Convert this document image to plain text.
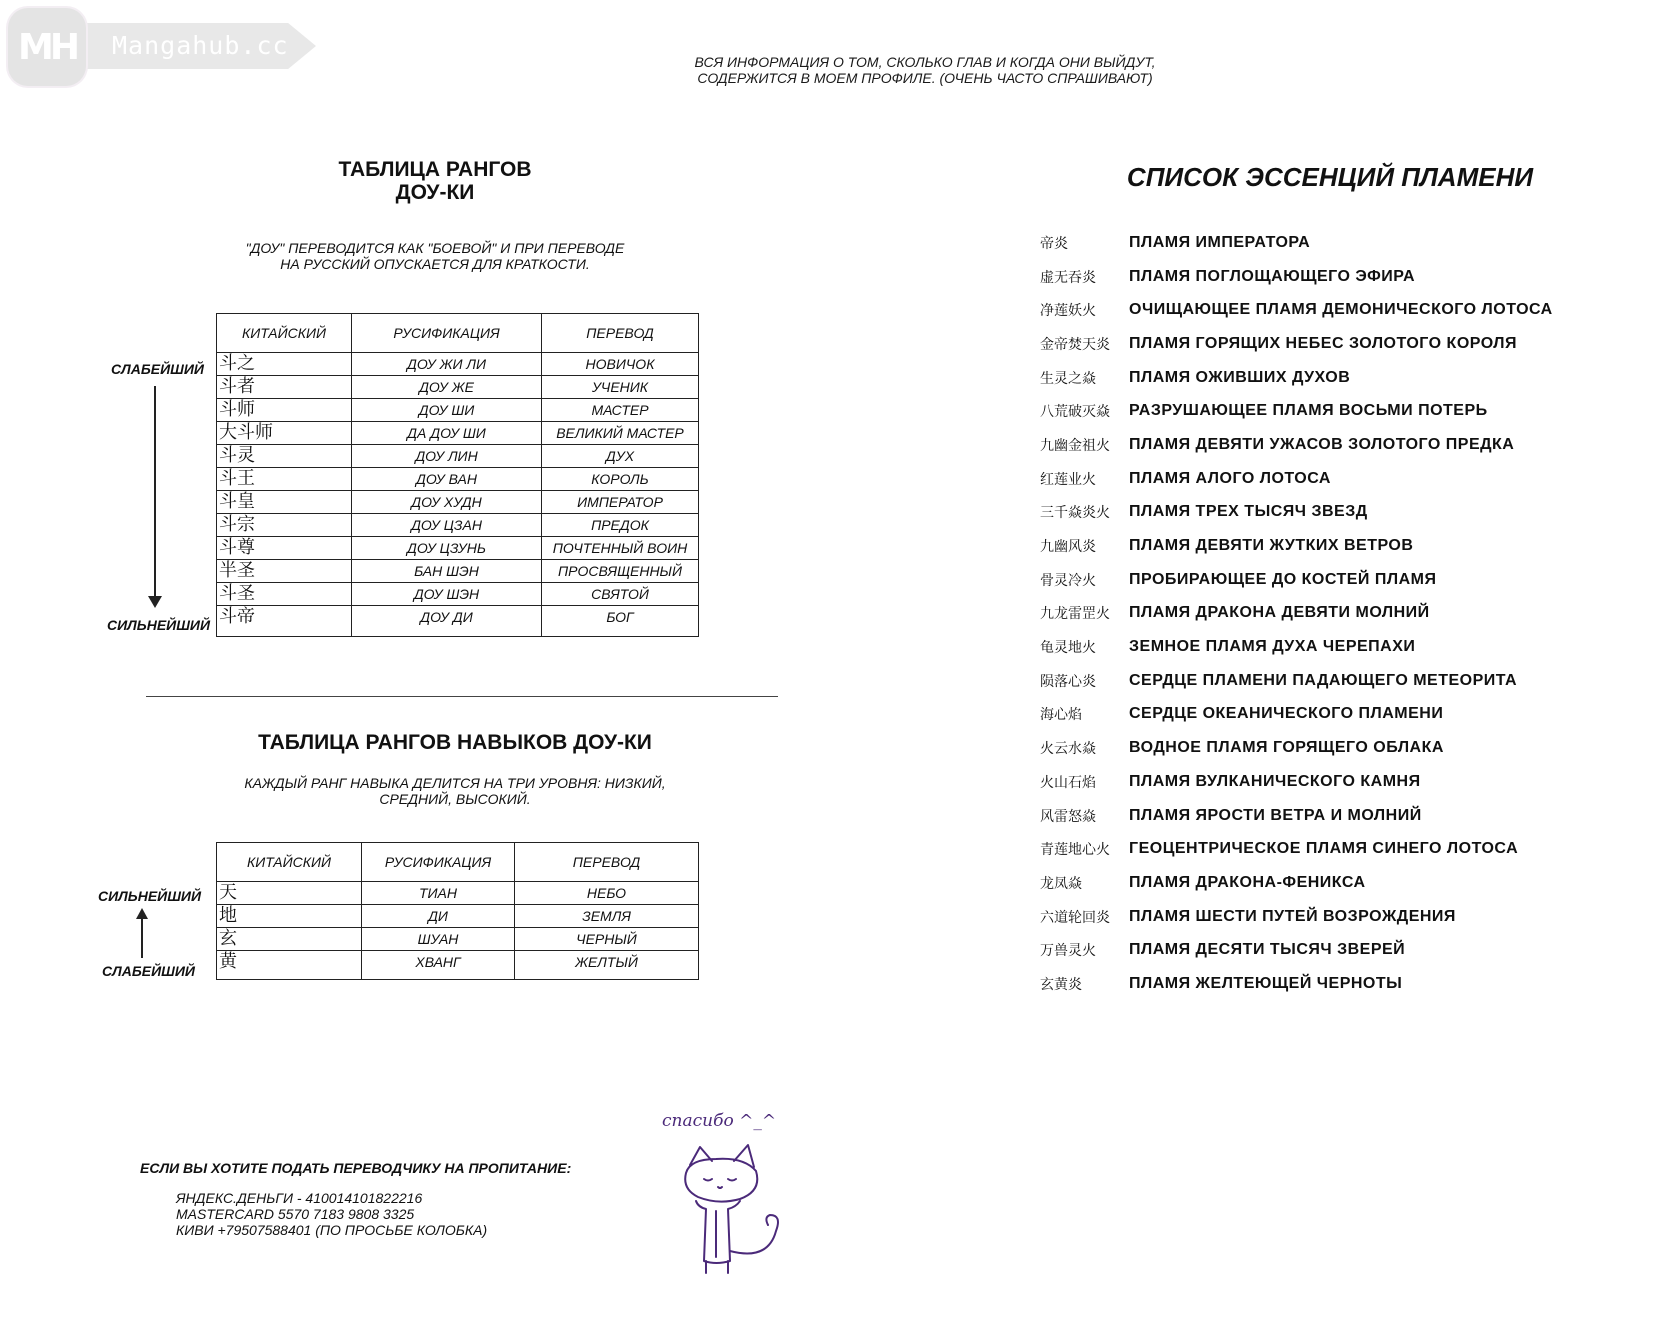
MH Mangahub.cc
ВСЯ ИНФОРМАЦИЯ О ТОМ, СКОЛЬКО ГЛАВ И КОГДА ОНИ ВЫЙДУТ,
СОДЕРЖИТСЯ В МОЕМ ПРОФИЛЕ. (ОЧЕНЬ ЧАСТО СПРАШИВАЮТ)
ТАБЛИЦА РАНГОВ
ДОУ-КИ
"ДОУ" ПЕРЕВОДИТСЯ КАК "БОЕВОЙ" И ПРИ ПЕРЕВОДЕ НА РУССКИЙ ОПУСКАЕТСЯ ДЛЯ КРАТКОСТИ.
СЛАБЕЙШИЙ
СИЛЬНЕЙШИЙ
КИТАЙСКИЙ	РУСИФИКАЦИЯ	ПЕРЕВОД
斗之	ДОУ ЖИ ЛИ	НОВИЧОК
斗者	ДОУ ЖЕ	УЧЕНИК
斗师	ДОУ ШИ	МАСТЕР
大斗师	ДА ДОУ ШИ	ВЕЛИКИЙ МАСТЕР
斗灵	ДОУ ЛИН	ДУХ
斗王	ДОУ ВАН	КОРОЛЬ
斗皇	ДОУ ХУДН	ИМПЕРАТОР
斗宗	ДОУ ЦЗАН	ПРЕДОК
斗尊	ДОУ ЦЗУНЬ	ПОЧТЕННЫЙ ВОИН
半圣	БАН ШЭН	ПРОСВЯЩЕННЫЙ
斗圣	ДОУ ШЭН	СВЯТОЙ
斗帝	ДОУ ДИ	БОГ
ТАБЛИЦА РАНГОВ НАВЫКОВ ДОУ-КИ
КАЖДЫЙ РАНГ НАВЫКА ДЕЛИТСЯ НА ТРИ УРОВНЯ: НИЗКИЙ,
СРЕДНИЙ, ВЫСОКИЙ.
СИЛЬНЕЙШИЙ
СЛАБЕЙШИЙ
КИТАЙСКИЙ	РУСИФИКАЦИЯ	ПЕРЕВОД
天	ТИАН	НЕБО
地	ДИ	ЗЕМЛЯ
玄	ШУАН	ЧЕРНЫЙ
黄	ХВАНГ	ЖЕЛТЫЙ
СПИСОК ЭССЕНЦИЙ ПЛАМЕНИ
帝炎	ПЛАМЯ ИМПЕРАТОРА
虚无吞炎	ПЛАМЯ ПОГЛОЩАЮЩЕГО ЭФИРА
净莲妖火	ОЧИЩАЮЩЕЕ ПЛАМЯ ДЕМОНИЧЕСКОГО ЛОТОСА
金帝焚天炎	ПЛАМЯ ГОРЯЩИХ НЕБЕС ЗОЛОТОГО КОРОЛЯ
生灵之焱	ПЛАМЯ ОЖИВШИХ ДУХОВ
八荒破灭焱	РАЗРУШАЮЩЕЕ ПЛАМЯ ВОСЬМИ ПОТЕРЬ
九幽金祖火	ПЛАМЯ ДЕВЯТИ УЖАСОВ ЗОЛОТОГО ПРЕДКА
红莲业火	ПЛАМЯ АЛОГО ЛОТОСА
三千焱炎火	ПЛАМЯ ТРЕХ ТЫСЯЧ ЗВЕЗД
九幽风炎	ПЛАМЯ ДЕВЯТИ ЖУТКИХ ВЕТРОВ
骨灵冷火	ПРОБИРАЮЩЕЕ ДО КОСТЕЙ ПЛАМЯ
九龙雷罡火	ПЛАМЯ ДРАКОНА ДЕВЯТИ МОЛНИЙ
龟灵地火	ЗЕМНОЕ ПЛАМЯ ДУХА ЧЕРЕПАХИ
陨落心炎	СЕРДЦЕ ПЛАМЕНИ ПАДАЮЩЕГО МЕТЕОРИТА
海心焰	СЕРДЦЕ ОКЕАНИЧЕСКОГО ПЛАМЕНИ
火云水焱	ВОДНОЕ ПЛАМЯ ГОРЯЩЕГО ОБЛАКА
火山石焰	ПЛАМЯ ВУЛКАНИЧЕСКОГО КАМНЯ
风雷怒焱	ПЛАМЯ ЯРОСТИ ВЕТРА И МОЛНИЙ
青莲地心火	ГЕОЦЕНТРИЧЕСКОЕ ПЛАМЯ СИНЕГО ЛОТОСА
龙凤焱	ПЛАМЯ ДРАКОНА-ФЕНИКСА
六道轮回炎	ПЛАМЯ ШЕСТИ ПУТЕЙ ВОЗРОЖДЕНИЯ
万兽灵火	ПЛАМЯ ДЕСЯТИ ТЫСЯЧ ЗВЕРЕЙ
玄黄炎	ПЛАМЯ ЖЕЛТЕЮЩЕЙ ЧЕРНОТЫ
ЕСЛИ ВЫ ХОТИТЕ ПОДАТЬ ПЕРЕВОДЧИКУ НА ПРОПИТАНИЕ:
ЯНДЕКС.ДЕНЬГИ - 410014101822216
MASTERCARD 5570 7183 9808 3325
КИВИ +79507588401 (ПО ПРОСЬБЕ КОЛОБКА)
спасибо ^_^
